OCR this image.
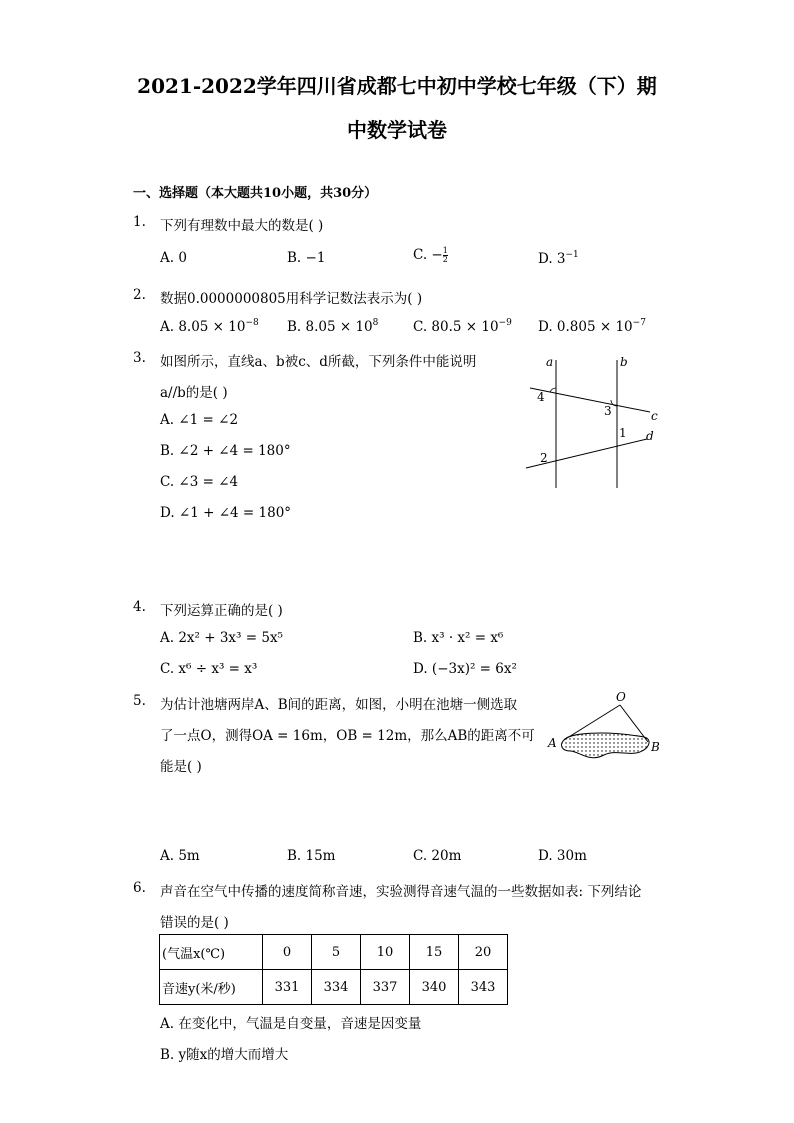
2021-2022学年四川省成都七中初中学校七年级（下）期
中数学试卷
一、选择题（本大题共10小题，共30分）
1. 下列有理数中最大的数是( )
A. 0	B. −1	C. − $\frac{1}{2}$	D. $3^{-1}$
2. 数据0.0000000805用科学记数法表示为( )
A. $8.05 \times 10^{-8}$ B. $8.05 \times 10^8$	C. $80.5 \times 10^{-9}$ D. $0.805 \times 10^{-7}$
3. 如图所示，直线a、b被c、d所截，下列条件中能说明
a//b的是( )
A. ∠1 = ∠2
B. ∠2 + ∠4 = 180°
C. ∠3 = ∠4
D. ∠1 + ∠4 = 180°
a	b
c
d
4
3
1
2
4. 下列运算正确的是( )
A. 2x² + 3x³ = 5x⁵	B. x³ · x² = x⁶
C. x⁶ ÷ x³ = x³	D. (−3x)² = 6x²
5. 为估计池塘两岸A、B间的距离，如图，小明在池塘一侧选取
了一点O，测得OA = 16m，OB = 12m，那么AB的距离不可
能是( )
O
A	B
A. 5m	B. 15m	C. 20m	D. 30m
6. 声音在空气中传播的速度简称音速，实验测得音速气温的一些数据如表: 下列结论
错误的是( )
(气温x(℃)	0	5	10	15	20
音速y(米/秒)	331	334	337	340	343
A. 在变化中，气温是自变量，音速是因变量
B. y随x的增大而增大
